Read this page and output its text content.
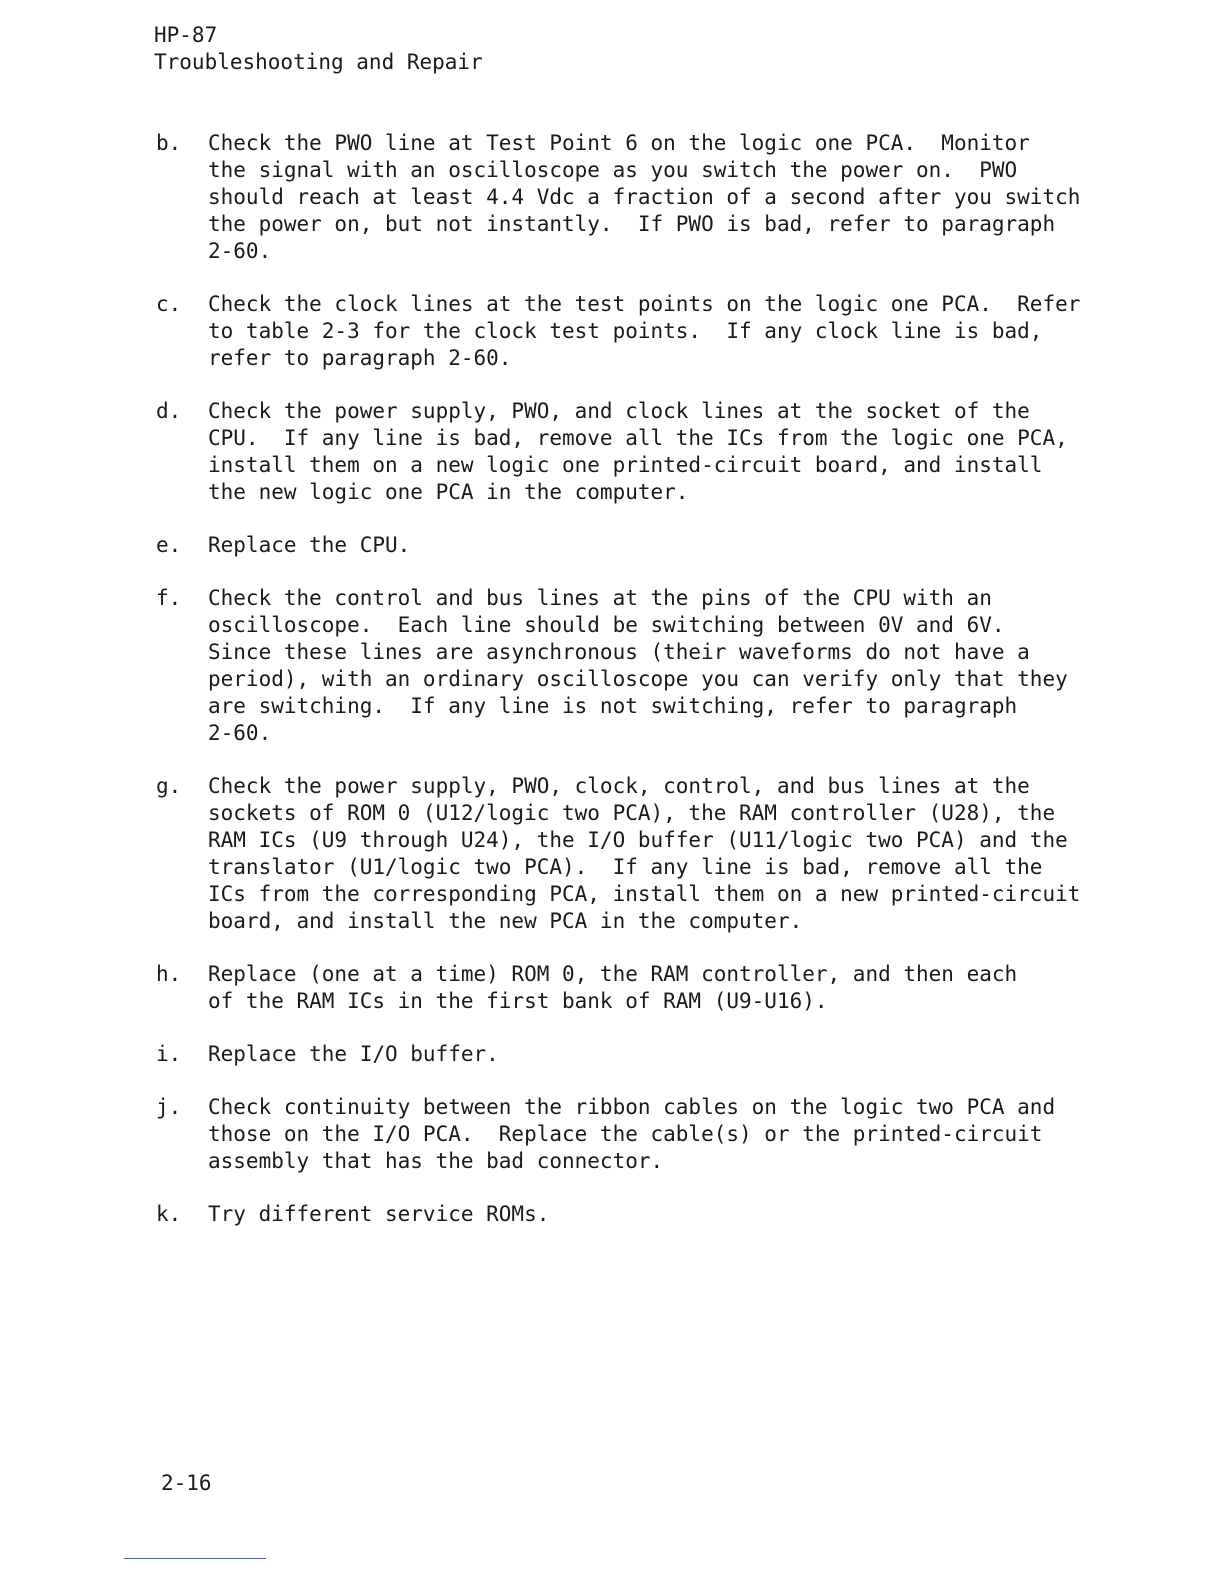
HP-87
Troubleshooting and Repair
b.	Check the PWO line at Test Point 6 on the logic one PCA.  Monitor
the signal with an oscilloscope as you switch the power on.  PWO
should reach at least 4.4 Vdc a fraction of a second after you switch
the power on, but not instantly.  If PWO is bad, refer to paragraph
2-60.
c.	Check the clock lines at the test points on the logic one PCA.  Refer
to table 2-3 for the clock test points.  If any clock line is bad,
refer to paragraph 2-60.
d.	Check the power supply, PWO, and clock lines at the socket of the
CPU.  If any line is bad, remove all the ICs from the logic one PCA,
install them on a new logic one printed-circuit board, and install
the new logic one PCA in the computer.
e.	Replace the CPU.
f.	Check the control and bus lines at the pins of the CPU with an
oscilloscope.  Each line should be switching between 0V and 6V.
Since these lines are asynchronous (their waveforms do not have a
period), with an ordinary oscilloscope you can verify only that they
are switching.  If any line is not switching, refer to paragraph
2-60.
g.	Check the power supply, PWO, clock, control, and bus lines at the
sockets of ROM 0 (U12/logic two PCA), the RAM controller (U28), the
RAM ICs (U9 through U24), the I/O buffer (U11/logic two PCA) and the
translator (U1/logic two PCA).  If any line is bad, remove all the
ICs from the corresponding PCA, install them on a new printed-circuit
board, and install the new PCA in the computer.
h.	Replace (one at a time) ROM 0, the RAM controller, and then each
of the RAM ICs in the first bank of RAM (U9-U16).
i.	Replace the I/O buffer.
j.	Check continuity between the ribbon cables on the logic two PCA and
those on the I/O PCA.  Replace the cable(s) or the printed-circuit
assembly that has the bad connector.
k.	Try different service ROMs.
2-16
